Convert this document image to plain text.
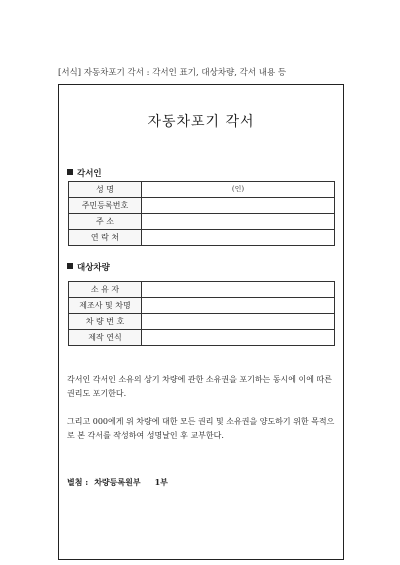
[서식] 자동차포기 각서 : 각서인 표기, 대상차량, 각서 내용 등
자동차포기 각서
각서인
성 명	(인)

주민등록번호	
주 소	
연 락 처	
대상차량
소 유 자	
제조사 및 차명	
차 량 번 호	
제작 연식	
각서인 각서인 소유의 상기 차량에 관한 소유권을 포기하는 동시에 이에 따른 권리도 포기한다.
그리고 000에게 위 차량에 대한 모든 권리 및 소유권을 양도하기 위한 목적으로 본 각서를 작성하여 성명날인 후 교부한다.
별첨 : 차량등록원부 1부
